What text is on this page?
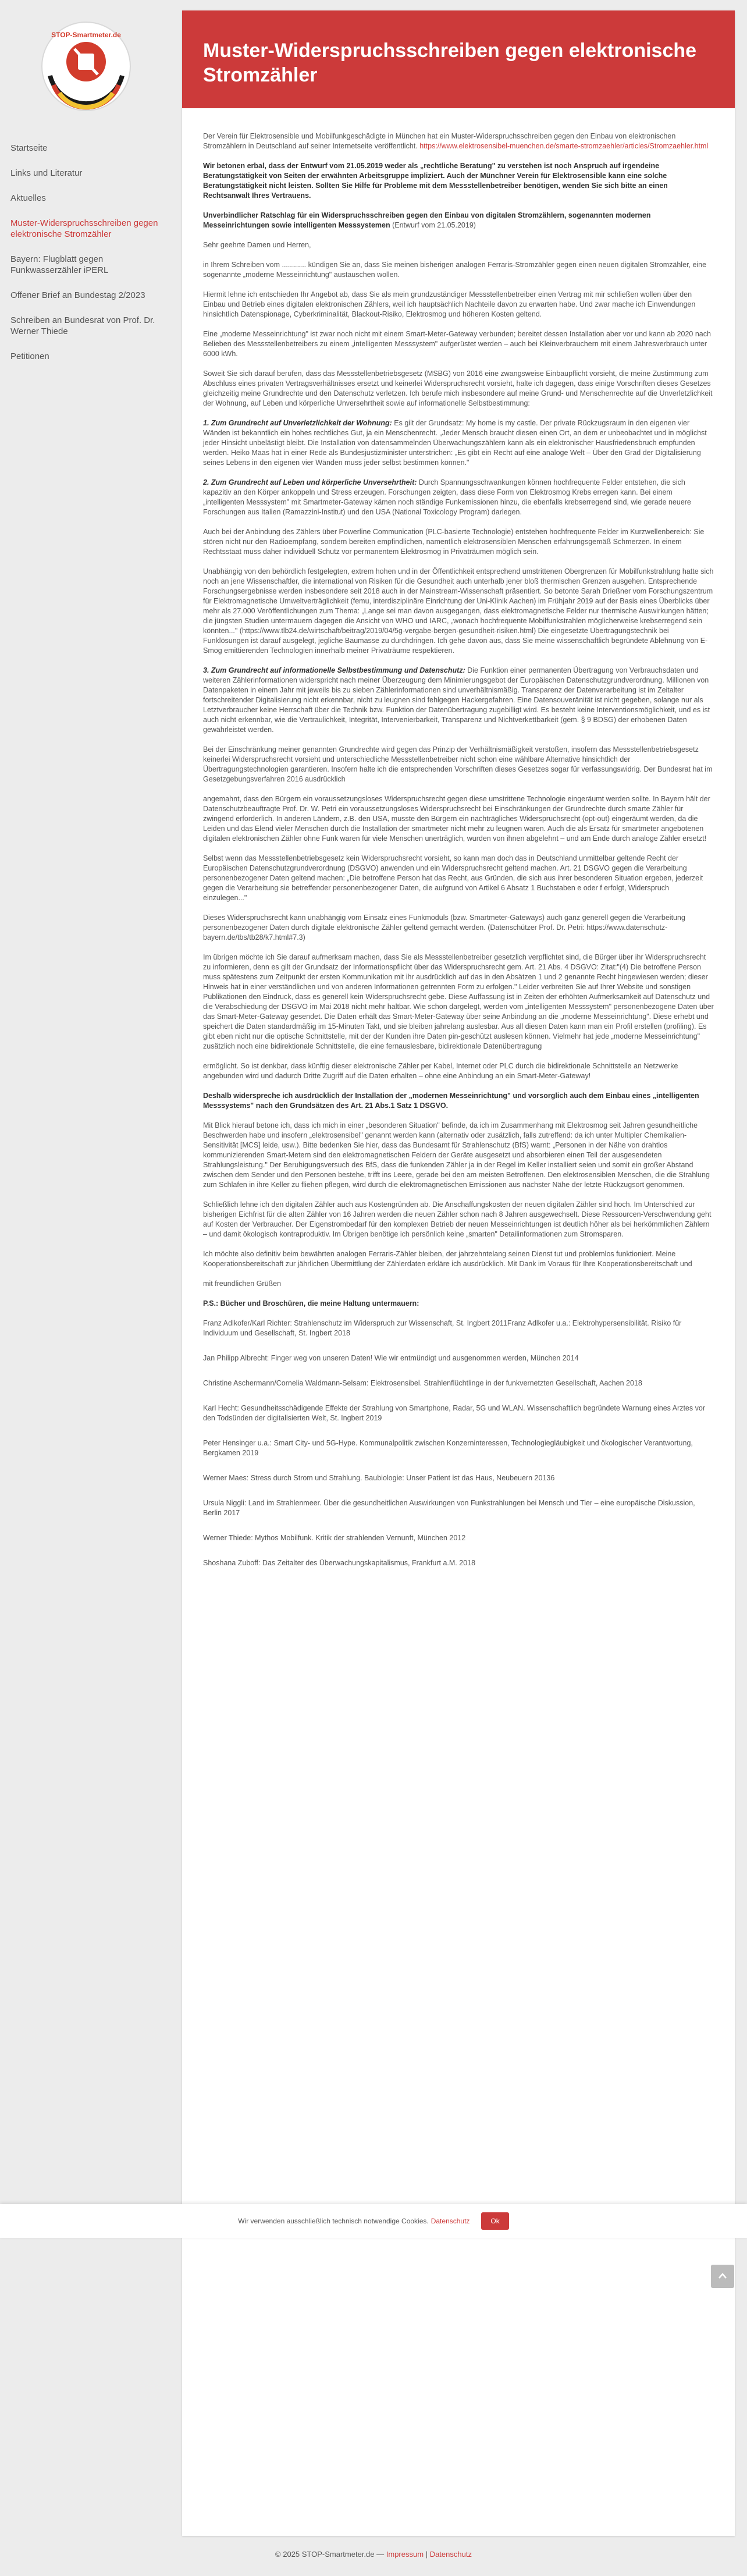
STOP-Smartmeter.de
Startseite
Links und Literatur
Aktuelles
Muster-Widerspruchsschreiben gegen elektronische Stromzähler
Bayern: Flugblatt gegen Funkwasserzähler iPERL
Offener Brief an Bundestag 2/2023
Schreiben an Bundesrat von Prof. Dr. Werner Thiede
Petitionen
Muster-Widerspruchsschreiben gegen elektronische Stromzähler

Der Verein für Elektrosensible und Mobilfunkgeschädigte in München hat ein Muster-Widerspruchsschreiben gegen den Einbau von elektronischen Stromzählern in Deutschland auf seiner Internetseite veröffentlicht. https://www.elektrosensibel-muenchen.de/smarte-stromzaehler/articles/Stromzaehler.html

Wir betonen erbal, dass der Entwurf vom 21.05.2019 weder als „rechtliche Beratung" zu verstehen ist noch Anspruch auf irgendeine Beratungstätigkeit von Seiten der erwähnten Arbeitsgruppe impliziert. Auch der Münchner Verein für Elektrosensible kann eine solche Beratungstätigkeit nicht leisten. Sollten Sie Hilfe für Probleme mit dem Messstellenbetreiber benötigen, wenden Sie sich bitte an einen Rechtsanwalt Ihres Vertrauens.

Unverbindlicher Ratschlag für ein Widerspruchsschreiben gegen den Einbau von digitalen Stromzählern, sogenannten modernen Messeinrichtungen sowie intelligenten Messsystemen (Entwurf vom 21.05.2019)

Sehr geehrte Damen und Herren,

in Ihrem Schreiben vom ............ kündigen Sie an, dass Sie meinen bisherigen analogen Ferraris-Stromzähler gegen einen neuen digitalen Stromzähler, eine sogenannte „moderne Messeinrichtung" austauschen wollen.

Hiermit lehne ich entschieden Ihr Angebot ab, dass Sie als mein grundzuständiger Messstellenbetreiber einen Vertrag mit mir schließen wollen über den Einbau und Betrieb eines digitalen elektronischen Zählers, weil ich hauptsächlich Nachteile davon zu erwarten habe. Und zwar mache ich Einwendungen hinsichtlich Datenspionage, Cyberkriminalität, Blackout-Risiko, Elektrosmog und höheren Kosten geltend.

Eine „moderne Messeinrichtung" ist zwar noch nicht mit einem Smart-Meter-Gateway verbunden; bereitet dessen Installation aber vor und kann ab 2020 nach Belieben des Messstellenbetreibers zu einem „intelligenten Messsystem" aufgerüstet werden – auch bei Kleinverbrauchern mit einem Jahresverbrauch unter 6000 kWh.

Soweit Sie sich darauf berufen, dass das Messstellenbetriebsgesetz (MSBG) von 2016 eine zwangsweise Einbaupflicht vorsieht, die meine Zustimmung zum Abschluss eines privaten Vertragsverhältnisses ersetzt und keinerlei Widerspruchsrecht vorsieht, halte ich dagegen, dass einige Vorschriften dieses Gesetzes gleichzeitig meine Grundrechte und den Datenschutz verletzen. Ich berufe mich insbesondere auf meine Grund- und Menschenrechte auf die Unverletzlichkeit der Wohnung, auf Leben und körperliche Unversehrtheit sowie auf informationelle Selbstbestimmung:

1. Zum Grundrecht auf Unverletzlichkeit der Wohnung: Es gilt der Grundsatz: My home is my castle. Der private Rückzugsraum in den eigenen vier Wänden ist bekanntlich ein hohes rechtliches Gut, ja ein Menschenrecht. „Jeder Mensch braucht diesen einen Ort, an dem er unbeobachtet und in möglichst jeder Hinsicht unbelästigt bleibt. Die Installation von datensammelnden Überwachungszählern kann als ein elektronischer Hausfriedensbruch empfunden werden. Heiko Maas hat in einer Rede als Bundesjustizminister unterstrichen: „Es gibt ein Recht auf eine analoge Welt – Über den Grad der Digitalisierung seines Lebens in den eigenen vier Wänden muss jeder selbst bestimmen können."

2. Zum Grundrecht auf Leben und körperliche Unversehrtheit: Durch Spannungsschwankungen können hochfrequente Felder entstehen, die sich kapazitiv an den Körper ankoppeln und Stress erzeugen. Forschungen zeigten, dass diese Form von Elektrosmog Krebs erregen kann. Bei einem „intelligenten Messsystem" mit Smartmeter-Gateway kämen noch ständige Funkemissionen hinzu, die ebenfalls krebserregend sind, wie gerade neuere Forschungen aus Italien (Ramazzini-Institut) und den USA (National Toxicology Program) darlegen.

Auch bei der Anbindung des Zählers über Powerline Communication (PLC-basierte Technologie) entstehen hochfrequente Felder im Kurzwellenbereich: Sie stören nicht nur den Radioempfang, sondern bereiten empfindlichen, namentlich elektrosensiblen Menschen erfahrungsgemäß Schmerzen. In einem Rechtsstaat muss daher individuell Schutz vor permanentem Elektrosmog in Privaträumen möglich sein.

Unabhängig von den behördlich festgelegten, extrem hohen und in der Öffentlichkeit entsprechend umstrittenen Obergrenzen für Mobilfunkstrahlung hatte sich noch an jene Wissenschaftler, die international von Risiken für die Gesundheit auch unterhalb jener bloß thermischen Grenzen ausgehen. Entsprechende Forschungsergebnisse werden insbesondere seit 2018 auch in der Mainstream-Wissenschaft präsentiert. So betonte Sarah Drießner vom Forschungszentrum für Elektromagnetische Umweltverträglichkeit (femu, interdisziplinäre Einrichtung der Uni-Klinik Aachen) im Frühjahr 2019 auf der Basis eines Überblicks über mehr als 27.000 Veröffentlichungen zum Thema: „Lange sei man davon ausgegangen, dass elektromagnetische Felder nur thermische Auswirkungen hätten; die jüngsten Studien untermauern dagegen die Ansicht von WHO und IARC, „wonach hochfrequente Mobilfunkstrahlen möglicherweise krebserregend sein könnten..." (https://www.tlb24.de/wirtschaft/beitrag/2019/04/5g-vergabe-bergen-gesundheit-risiken.html) Die eingesetzte Übertragungstechnik bei Funklösungen ist darauf ausgelegt, jegliche Baumasse zu durchdringen. Ich gehe davon aus, dass Sie meine wissenschaftlich begründete Ablehnung von E-Smog emittierenden Technologien innerhalb meiner Privaträume respektieren.

3. Zum Grundrecht auf informationelle Selbstbestimmung und Datenschutz: Die Funktion einer permanenten Übertragung von Verbrauchsdaten und weiteren Zählerinformationen widerspricht nach meiner Überzeugung dem Minimierungsgebot der Europäischen Datenschutzgrundverordnung. Millionen von Datenpaketen in einem Jahr mit jeweils bis zu sieben Zählerinformationen sind unverhältnismäßig. Transparenz der Datenverarbeitung ist im Zeitalter fortschreitender Digitalisierung nicht erkennbar, nicht zu leugnen sind fehlgegen Hackergefahren. Eine Datensouveränität ist nicht gegeben, solange nur als Letztverbraucher keine Herrschaft über die Technik bzw. Funktion der Datenübertragung zugebilligt wird. Es besteht keine Interventionsmöglichkeit, und es ist auch nicht erkennbar, wie die Vertraulichkeit, Integrität, Intervenierbarkeit, Transparenz und Nichtverkettbarkeit (gem. § 9 BDSG) der erhobenen Daten gewährleistet werden.

Bei der Einschränkung meiner genannten Grundrechte wird gegen das Prinzip der Verhältnismäßigkeit verstoßen, insofern das Messstellenbetriebsgesetz keinerlei Widerspruchsrecht vorsieht und unterschiedliche Messstellenbetreiber nicht schon eine wählbare Alternative hinsichtlich der Übertragungstechnologien garantieren. Insofern halte ich die entsprechenden Vorschriften dieses Gesetzes sogar für verfassungswidrig. Der Bundesrat hat im Gesetzgebungsverfahren 2016 ausdrücklich

angemahnt, dass den Bürgern ein voraussetzungsloses Widerspruchsrecht gegen diese umstrittene Technologie eingeräumt werden sollte. In Bayern hält der Datenschutzbeauftragte Prof. Dr. W. Petri ein voraussetzungsloses Widerspruchsrecht bei Einschränkungen der Grundrechte durch smarte Zähler für zwingend erforderlich. In anderen Ländern, z.B. den USA, musste den Bürgern ein nachträgliches Widerspruchsrecht (opt-out) eingeräumt werden, da die Leiden und das Elend vieler Menschen durch die Installation der smartmeter nicht mehr zu leugnen waren. Auch die als Ersatz für smartmeter angebotenen digitalen elektronischen Zähler ohne Funk waren für viele Menschen unerträglich, wurden von ihnen abgelehnt – und am Ende durch analoge Zähler ersetzt!

Selbst wenn das Messstellenbetriebsgesetz kein Widerspruchsrecht vorsieht, so kann man doch das in Deutschland unmittelbar geltende Recht der Europäischen Datenschutzgrundverordnung (DSGVO) anwenden und ein Widerspruchsrecht geltend machen. Art. 21 DSGVO gegen die Verarbeitung personenbezogener Daten geltend machen: „Die betroffene Person hat das Recht, aus Gründen, die sich aus ihrer besonderen Situation ergeben, jederzeit gegen die Verarbeitung sie betreffender personenbezogener Daten, die aufgrund von Artikel 6 Absatz 1 Buchstaben e oder f erfolgt, Widerspruch einzulegen..."

Dieses Widerspruchsrecht kann unabhängig vom Einsatz eines Funkmoduls (bzw. Smartmeter-Gateways) auch ganz generell gegen die Verarbeitung personenbezogener Daten durch digitale elektronische Zähler geltend gemacht werden. (Datenschützer Prof. Dr. Petri: https://www.datenschutz-bayern.de/tbs/tb28/k7.html#7.3)

Im übrigen möchte ich Sie darauf aufmerksam machen, dass Sie als Messstellenbetreiber gesetzlich verpflichtet sind, die Bürger über ihr Widerspruchsrecht zu informieren, denn es gilt der Grundsatz der Informationspflicht über das Widerspruchsrecht gem. Art. 21 Abs. 4 DSGVO: Zitat:"(4) Die betroffene Person muss spätestens zum Zeitpunkt der ersten Kommunikation mit ihr ausdrücklich auf das in den Absätzen 1 und 2 genannte Recht hingewiesen werden; dieser Hinweis hat in einer verständlichen und von anderen Informationen getrennten Form zu erfolgen." Leider verbreiten Sie auf Ihrer Website und sonstigen Publikationen den Eindruck, dass es generell kein Widerspruchsrecht gebe. Diese Auffassung ist in Zeiten der erhöhten Aufmerksamkeit auf Datenschutz und die Verabschiedung der DSGVO im Mai 2018 nicht mehr haltbar. Wie schon dargelegt, werden vom „intelligenten Messsystem" personenbezogene Daten über das Smart-Meter-Gateway gesendet. Die Daten erhält das Smart-Meter-Gateway über seine Anbindung an die „moderne Messeinrichtung". Diese erhebt und speichert die Daten standardmäßig im 15-Minuten Takt, und sie bleiben jahrelang auslesbar. Aus all diesen Daten kann man ein Profil erstellen (profiling). Es gibt eben nicht nur die optische Schnittstelle, mit der der Kunden ihre Daten pin-geschützt auslesen können. Vielmehr hat jede „moderne Messeinrichtung" zusätzlich noch eine bidirektionale Schnittstelle, die eine fernauslesbare, bidirektionale Datenübertragung

ermöglicht. So ist denkbar, dass künftig dieser elektronische Zähler per Kabel, Internet oder PLC durch die bidirektionale Schnittstelle an Netzwerke angebunden wird und dadurch Dritte Zugriff auf die Daten erhalten – ohne eine Anbindung an ein Smart-Meter-Gateway!

Deshalb widerspreche ich ausdrücklich der Installation der „modernen Messeinrichtung" und vorsorglich auch dem Einbau eines „intelligenten Messsystems" nach den Grundsätzen des Art. 21 Abs.1 Satz 1 DSGVO.

Mit Blick hierauf betone ich, dass ich mich in einer „besonderen Situation" befinde, da ich im Zusammenhang mit Elektrosmog seit Jahren gesundheitliche Beschwerden habe und insofern „elektrosensibel" genannt werden kann (alternativ oder zusätzlich, falls zutreffend: da ich unter Multipler Chemikalien-Sensitivität [MCS] leide, usw.). Bitte bedenken Sie hier, dass das Bundesamt für Strahlenschutz (BfS) warnt: „Personen in der Nähe von drahtlos kommunizierenden Smart-Metern sind den elektromagnetischen Feldern der Geräte ausgesetzt und absorbieren einen Teil der ausgesendeten Strahlungsleistung." Der Beruhigungsversuch des BfS, dass die funkenden Zähler ja in der Regel im Keller installiert seien und somit ein großer Abstand zwischen dem Sender und den Personen bestehe, trifft ins Leere, gerade bei den am meisten Betroffenen. Den elektrosensiblen Menschen, die die Strahlung zum Schlafen in ihre Keller zu fliehen pflegen, wird durch die elektromagnetischen Emissionen aus nächster Nähe der letzte Rückzugsort genommen.

Schließlich lehne ich den digitalen Zähler auch aus Kostengründen ab. Die Anschaffungskosten der neuen digitalen Zähler sind hoch. Im Unterschied zur bisherigen Eichfrist für die alten Zähler von 16 Jahren werden die neuen Zähler schon nach 8 Jahren ausgewechselt. Diese Ressourcen-Verschwendung geht auf Kosten der Verbraucher. Der Eigenstrombedarf für den komplexen Betrieb der neuen Messeinrichtungen ist deutlich höher als bei herkömmlichen Zählern – und damit ökologisch kontraproduktiv. Im Übrigen benötige ich persönlich keine „smarten" Detailinformationen zum Stromsparen.

Ich möchte also definitiv beim bewährten analogen Ferraris-Zähler bleiben, der jahrzehntelang seinen Dienst tut und problemlos funktioniert. Meine Kooperationsbereitschaft zur jährlichen Übermittlung der Zählerdaten erkläre ich ausdrücklich. Mit Dank im Voraus für Ihre Kooperationsbereitschaft und

mit freundlichen Grüßen

P.S.: Bücher und Broschüren, die meine Haltung untermauern:

Franz Adlkofer/Karl Richter: Strahlenschutz im Widerspruch zur Wissenschaft, St. Ingbert 2011Franz Adlkofer u.a.: Elektrohypersensibilität. Risiko für Individuum und Gesellschaft, St. Ingbert 2018

Jan Philipp Albrecht: Finger weg von unseren Daten! Wie wir entmündigt und ausgenommen werden, München 2014

Christine Aschermann/Cornelia Waldmann-Selsam: Elektrosensibel. Strahlenflüchtlinge in der funkvernetzten Gesellschaft, Aachen 2018

Karl Hecht: Gesundheitsschädigende Effekte der Strahlung von Smartphone, Radar, 5G und WLAN. Wissenschaftlich begründete Warnung eines Arztes vor den Todsünden der digitalisierten Welt, St. Ingbert 2019

Peter Hensinger u.a.: Smart City- und 5G-Hype. Kommunalpolitik zwischen Konzerninteressen, Technologiegläubigkeit und ökologischer Verantwortung, Bergkamen 2019

Werner Maes: Stress durch Strom und Strahlung. Baubiologie: Unser Patient ist das Haus, Neubeuern 20136

Ursula Niggli: Land im Strahlenmeer. Über die gesundheitlichen Auswirkungen von Funkstrahlungen bei Mensch und Tier – eine europäische Diskussion, Berlin 2017

Werner Thiede: Mythos Mobilfunk. Kritik der strahlenden Vernunft, München 2012

Shoshana Zuboff: Das Zeitalter des Überwachungskapitalismus, Frankfurt a.M. 2018

Wir verwenden ausschließlich technisch notwendige Cookies. Datenschutz	Ok
© 2025 STOP-Smartmeter.de — Impressum | Datenschutz
